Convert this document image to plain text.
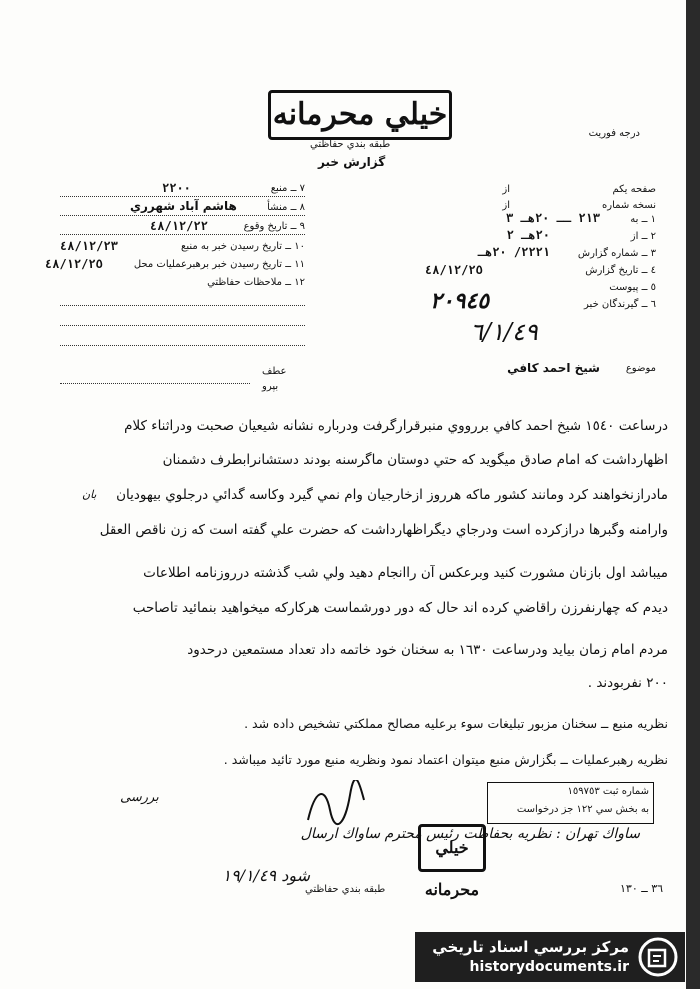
درجه فوريت
خيلي محرمانه
طبقه بندي حفاظتي
گزارش خبر
٧ ــ منبع
٢٢٠٠
٨ ــ منشأ
هاشم آباد شهرري
٩ ــ تاريخ وقوع
٤٨/١٢/٢٢
١٠ ــ تاريخ رسيدن خبر به منبع
٤٨/١٢/٢٣
١١ ــ تاريخ رسيدن خبر برهبرعمليات محل
٤٨/١٢/٢٥
١٢ ــ ملاحظات حفاظتي
صفحه يكم
از
نسخه شماره
از
١ ــ به
٢١٣ ــ ٢٠هـ ٣
٢ ــ از
٢٠هـ ٢
٣ ــ شماره گزارش
٢٢٢١/ ٢٠هـ
٤ ــ تاريخ گزارش
٤٨/١٢/٢٥
٥ ــ پيوست
٦ ــ گيرندگان خبر
٢٠٩٤٥
٦/١/٤٩
عطف
بپرو
موضوع
شيخ احمد كافي
درساعت ١٥٤٠ شيخ احمد كافي بررووي منبرقرارگرفت ودرباره نشانه شيعيان صحبت ودراثناء كلام
اظهارداشت كه امام صادق ميگويد كه حتي دوستان ماگرسنه بودند دستشانرابطرف دشمنان
مادرازنخواهند كرد ومانند كشور ماكه هرروز ازخارجيان وام نمي گيرد وكاسه گدائي درجلوي بيهوديان
بان
وارامنه وگبرها درازكرده است ودرجاي ديگراظهارداشت كه حضرت علي گفته است كه زن ناقص العقل
ميباشد اول بازنان مشورت كنيد وبرعكس آن راانجام دهيد ولي شب گذشته درروزنامه اطلاعات
ديدم كه چهارنفرزن راقاضي كرده اند حال كه دور دورشماست هركاركه ميخواهيد بنمائيد تاصاحب
مردم امام زمان بيايد ودرساعت ١٦٣٠ به سخنان خود خاتمه داد تعداد مستمعين درحدود
٢٠٠ نفربودند .
نظريه منبع ــ سخنان مزبور تبليغات سوء برعليه مصالح مملكتي تشخيص داده شد .
نظريه رهبرعمليات ــ بگزارش منبع ميتوان اعتماد نمود ونظريه منبع مورد تائيد ميباشد .
شماره ثبت ١٥٩٧٥٣
به بخش سي ١٢٢ جز درخواست
بررسی
ساواك تهران : نظريه بحفاظت رئيس محترم ساواك ارسال
شود ١٩/١/٤٩
خيلي محرمانه
طبقه بندي حفاظتي	٣٦ ــ ١٣٠
مركز بررسي اسناد تاريخي
historydocuments.ir
